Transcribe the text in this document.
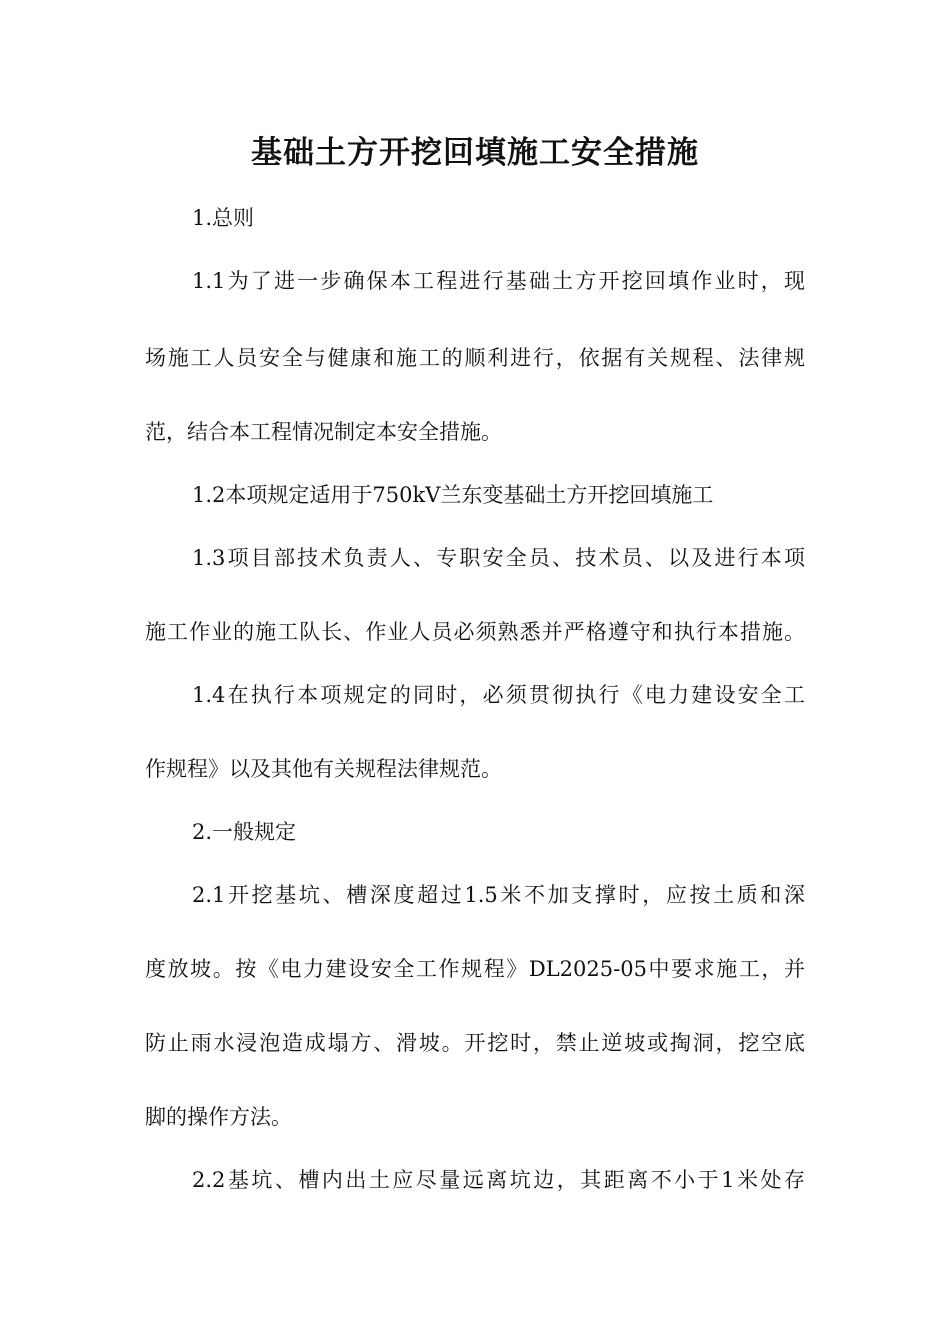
基础土方开挖回填施工安全措施

1.总则

1.1为了进一步确保本工程进行基础土方开挖回填作业时，现

场施工人员安全与健康和施工的顺利进行，依据有关规程、法律规

范，结合本工程情况制定本安全措施。

1.2本项规定适用于750kV兰东变基础土方开挖回填施工

1.3项目部技术负责人、专职安全员、技术员、以及进行本项

施工作业的施工队长、作业人员必须熟悉并严格遵守和执行本措施。

1.4在执行本项规定的同时，必须贯彻执行《电力建设安全工

作规程》以及其他有关规程法律规范。

2.一般规定

2.1开挖基坑、槽深度超过1.5米不加支撑时，应按土质和深

度放坡。按《电力建设安全工作规程》DL2025-05中要求施工，并

防止雨水浸泡造成塌方、滑坡。开挖时，禁止逆坡或掏洞，挖空底

脚的操作方法。

2.2基坑、槽内出土应尽量远离坑边，其距离不小于1米处存
